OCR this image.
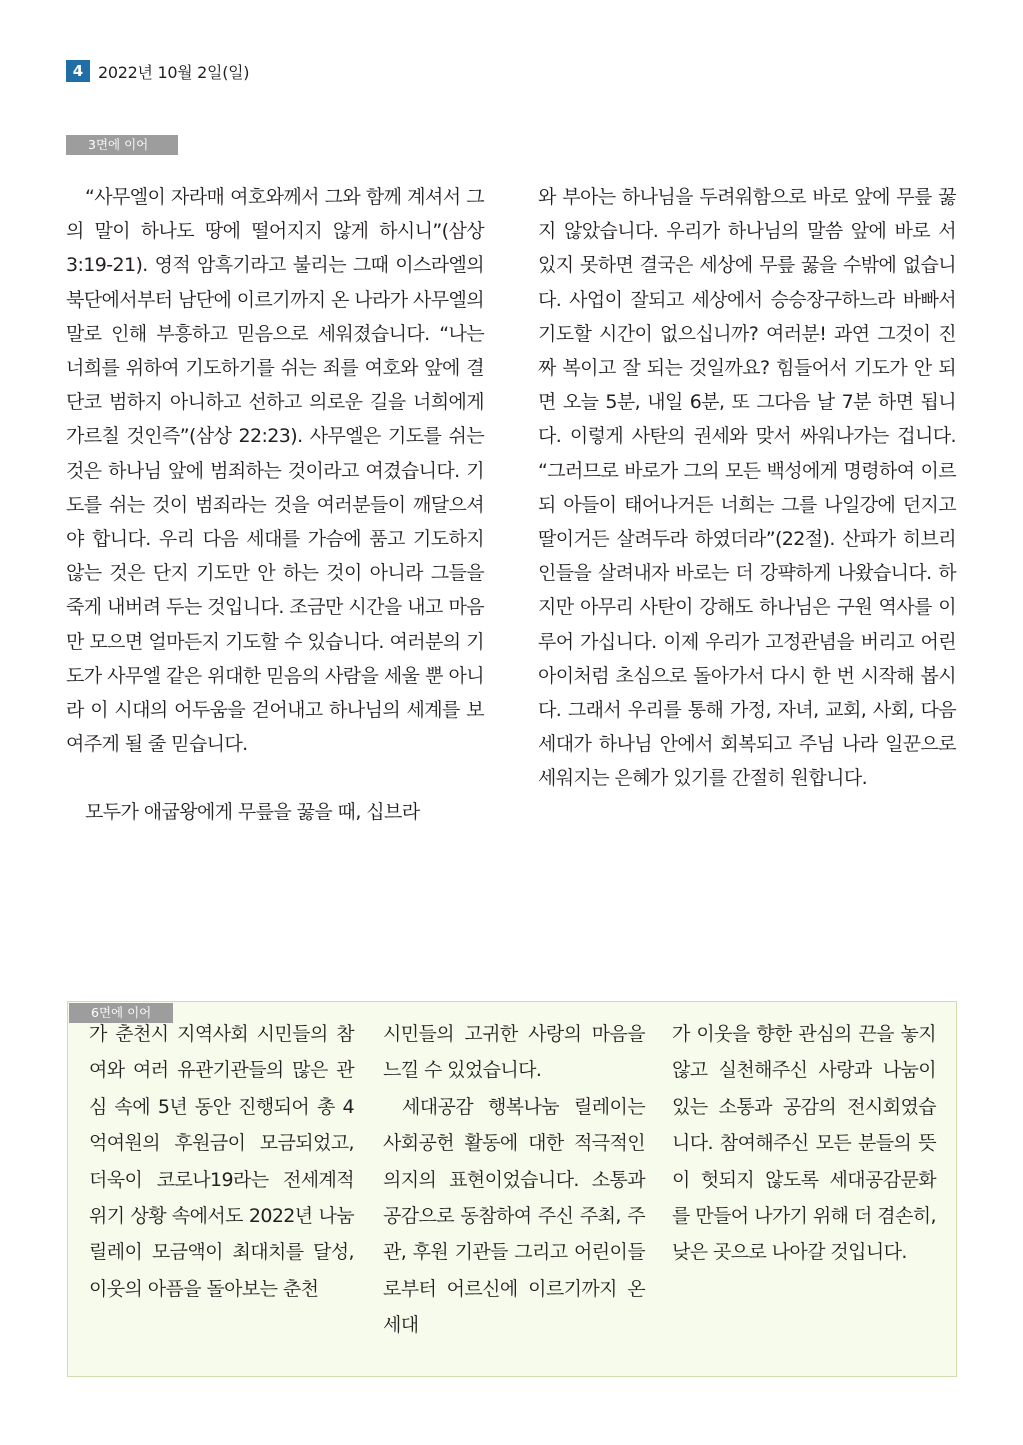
4 2022년 10월 2일(일)
3면에 이어

“사무엘이 자라매 여호와께서 그와 함께 계셔서 그의 말이 하나도 땅에 떨어지지 않게 하시니”(삼상 3:19-21). 영적 암흑기라고 불리는 그때 이스라엘의 북단에서부터 남단에 이르기까지 온 나라가 사무엘의 말로 인해 부흥하고 믿음으로 세워졌습니다. “나는 너희를 위하여 기도하기를 쉬는 죄를 여호와 앞에 결단코 범하지 아니하고 선하고 의로운 길을 너희에게 가르칠 것인즉”(삼상 22:23). 사무엘은 기도를 쉬는 것은 하나님 앞에 범죄하는 것이라고 여겼습니다. 기도를 쉬는 것이 범죄라는 것을 여러분들이 깨달으셔야 합니다. 우리 다음 세대를 가슴에 품고 기도하지 않는 것은 단지 기도만 안 하는 것이 아니라 그들을 죽게 내버려 두는 것입니다. 조금만 시간을 내고 마음만 모으면 얼마든지 기도할 수 있습니다. 여러분의 기도가 사무엘 같은 위대한 믿음의 사람을 세울 뿐 아니라 이 시대의 어두움을 걷어내고 하나님의 세계를 보여주게 될 줄 믿습니다.

모두가 애굽왕에게 무릎을 꿇을 때, 십브라

와 부아는 하나님을 두려워함으로 바로 앞에 무릎 꿇지 않았습니다. 우리가 하나님의 말씀 앞에 바로 서 있지 못하면 결국은 세상에 무릎 꿇을 수밖에 없습니다. 사업이 잘되고 세상에서 승승장구하느라 바빠서 기도할 시간이 없으십니까? 여러분! 과연 그것이 진짜 복이고 잘 되는 것일까요? 힘들어서 기도가 안 되면 오늘 5분, 내일 6분, 또 그다음 날 7분 하면 됩니다. 이렇게 사탄의 권세와 맞서 싸워나가는 겁니다. “그러므로 바로가 그의 모든 백성에게 명령하여 이르되 아들이 태어나거든 너희는 그를 나일강에 던지고 딸이거든 살려두라 하였더라”(22절). 산파가 히브리인들을 살려내자 바로는 더 강퍅하게 나왔습니다. 하지만 아무리 사탄이 강해도 하나님은 구원 역사를 이루어 가십니다. 이제 우리가 고정관념을 버리고 어린아이처럼 초심으로 돌아가서 다시 한 번 시작해 봅시다. 그래서 우리를 통해 가정, 자녀, 교회, 사회, 다음 세대가 하나님 안에서 회복되고 주님 나라 일꾼으로 세워지는 은혜가 있기를 간절히 원합니다.

6면에 이어

가 춘천시 지역사회 시민들의 참여와 여러 유관기관들의 많은 관심 속에 5년 동안 진행되어 총 4억여원의 후원금이 모금되었고, 더욱이 코로나19라는 전세계적 위기 상황 속에서도 2022년 나눔릴레이 모금액이 최대치를 달성, 이웃의 아픔을 돌아보는 춘천

시민들의 고귀한 사랑의 마음을 느낄 수 있었습니다.

세대공감 행복나눔 릴레이는 사회공헌 활동에 대한 적극적인 의지의 표현이었습니다. 소통과 공감으로 동참하여 주신 주최, 주관, 후원 기관들 그리고 어린이들로부터 어르신에 이르기까지 온 세대

가 이웃을 향한 관심의 끈을 놓지 않고 실천해주신 사랑과 나눔이 있는 소통과 공감의 전시회였습니다. 참여해주신 모든 분들의 뜻이 헛되지 않도록 세대공감문화를 만들어 나가기 위해 더 겸손히, 낮은 곳으로 나아갈 것입니다.
